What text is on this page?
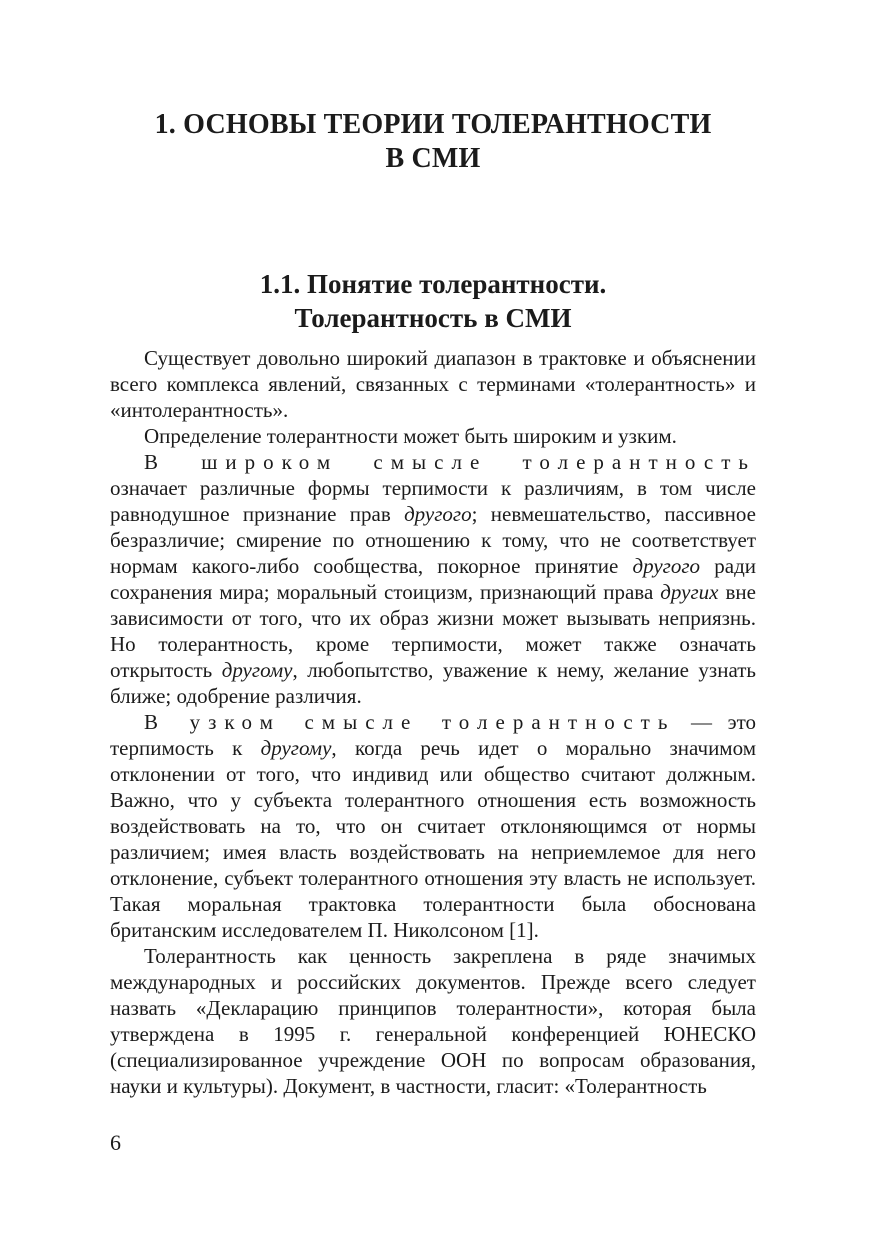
1. ОСНОВЫ ТЕОРИИ ТОЛЕРАНТНОСТИ
В СМИ
1.1. Понятие толерантности.
Толерантность в СМИ

Существует довольно широкий диапазон в трактовке и объяснении всего комплекса явлений, связанных с терминами «толерантность» и «интолерантность».

Определение толерантности может быть широким и узким.

В широком смысле толерантность означает различные формы терпимости к различиям, в том числе равнодушное признание прав другого; невмешательство, пассивное безразличие; смирение по отношению к тому, что не соответствует нормам какого-либо сообщества, покорное принятие другого ради сохранения мира; моральный стоицизм, признающий права других вне зависимости от того, что их образ жизни может вызывать неприязнь. Но толерантность, кроме терпимости, может также означать открытость другому, любопытство, уважение к нему, желание узнать ближе; одобрение различия.

В узком смысле толерантность — это терпимость к другому, когда речь идет о морально значимом отклонении от того, что индивид или общество считают должным. Важно, что у субъекта толерантного отношения есть возможность воздействовать на то, что он считает отклоняющимся от нормы различием; имея власть воздействовать на неприемлемое для него отклонение, субъект толерантного отношения эту власть не использует. Такая моральная трактовка толерантности была обоснована британским исследователем П. Николсоном [1].

Толерантность как ценность закреплена в ряде значимых международных и российских документов. Прежде всего следует назвать «Декларацию принципов толерантности», которая была утверждена в 1995 г. генеральной конференцией ЮНЕСКО (специализированное учреждение ООН по вопросам образования, науки и культуры). Документ, в частности, гласит: «Толерантность

6
